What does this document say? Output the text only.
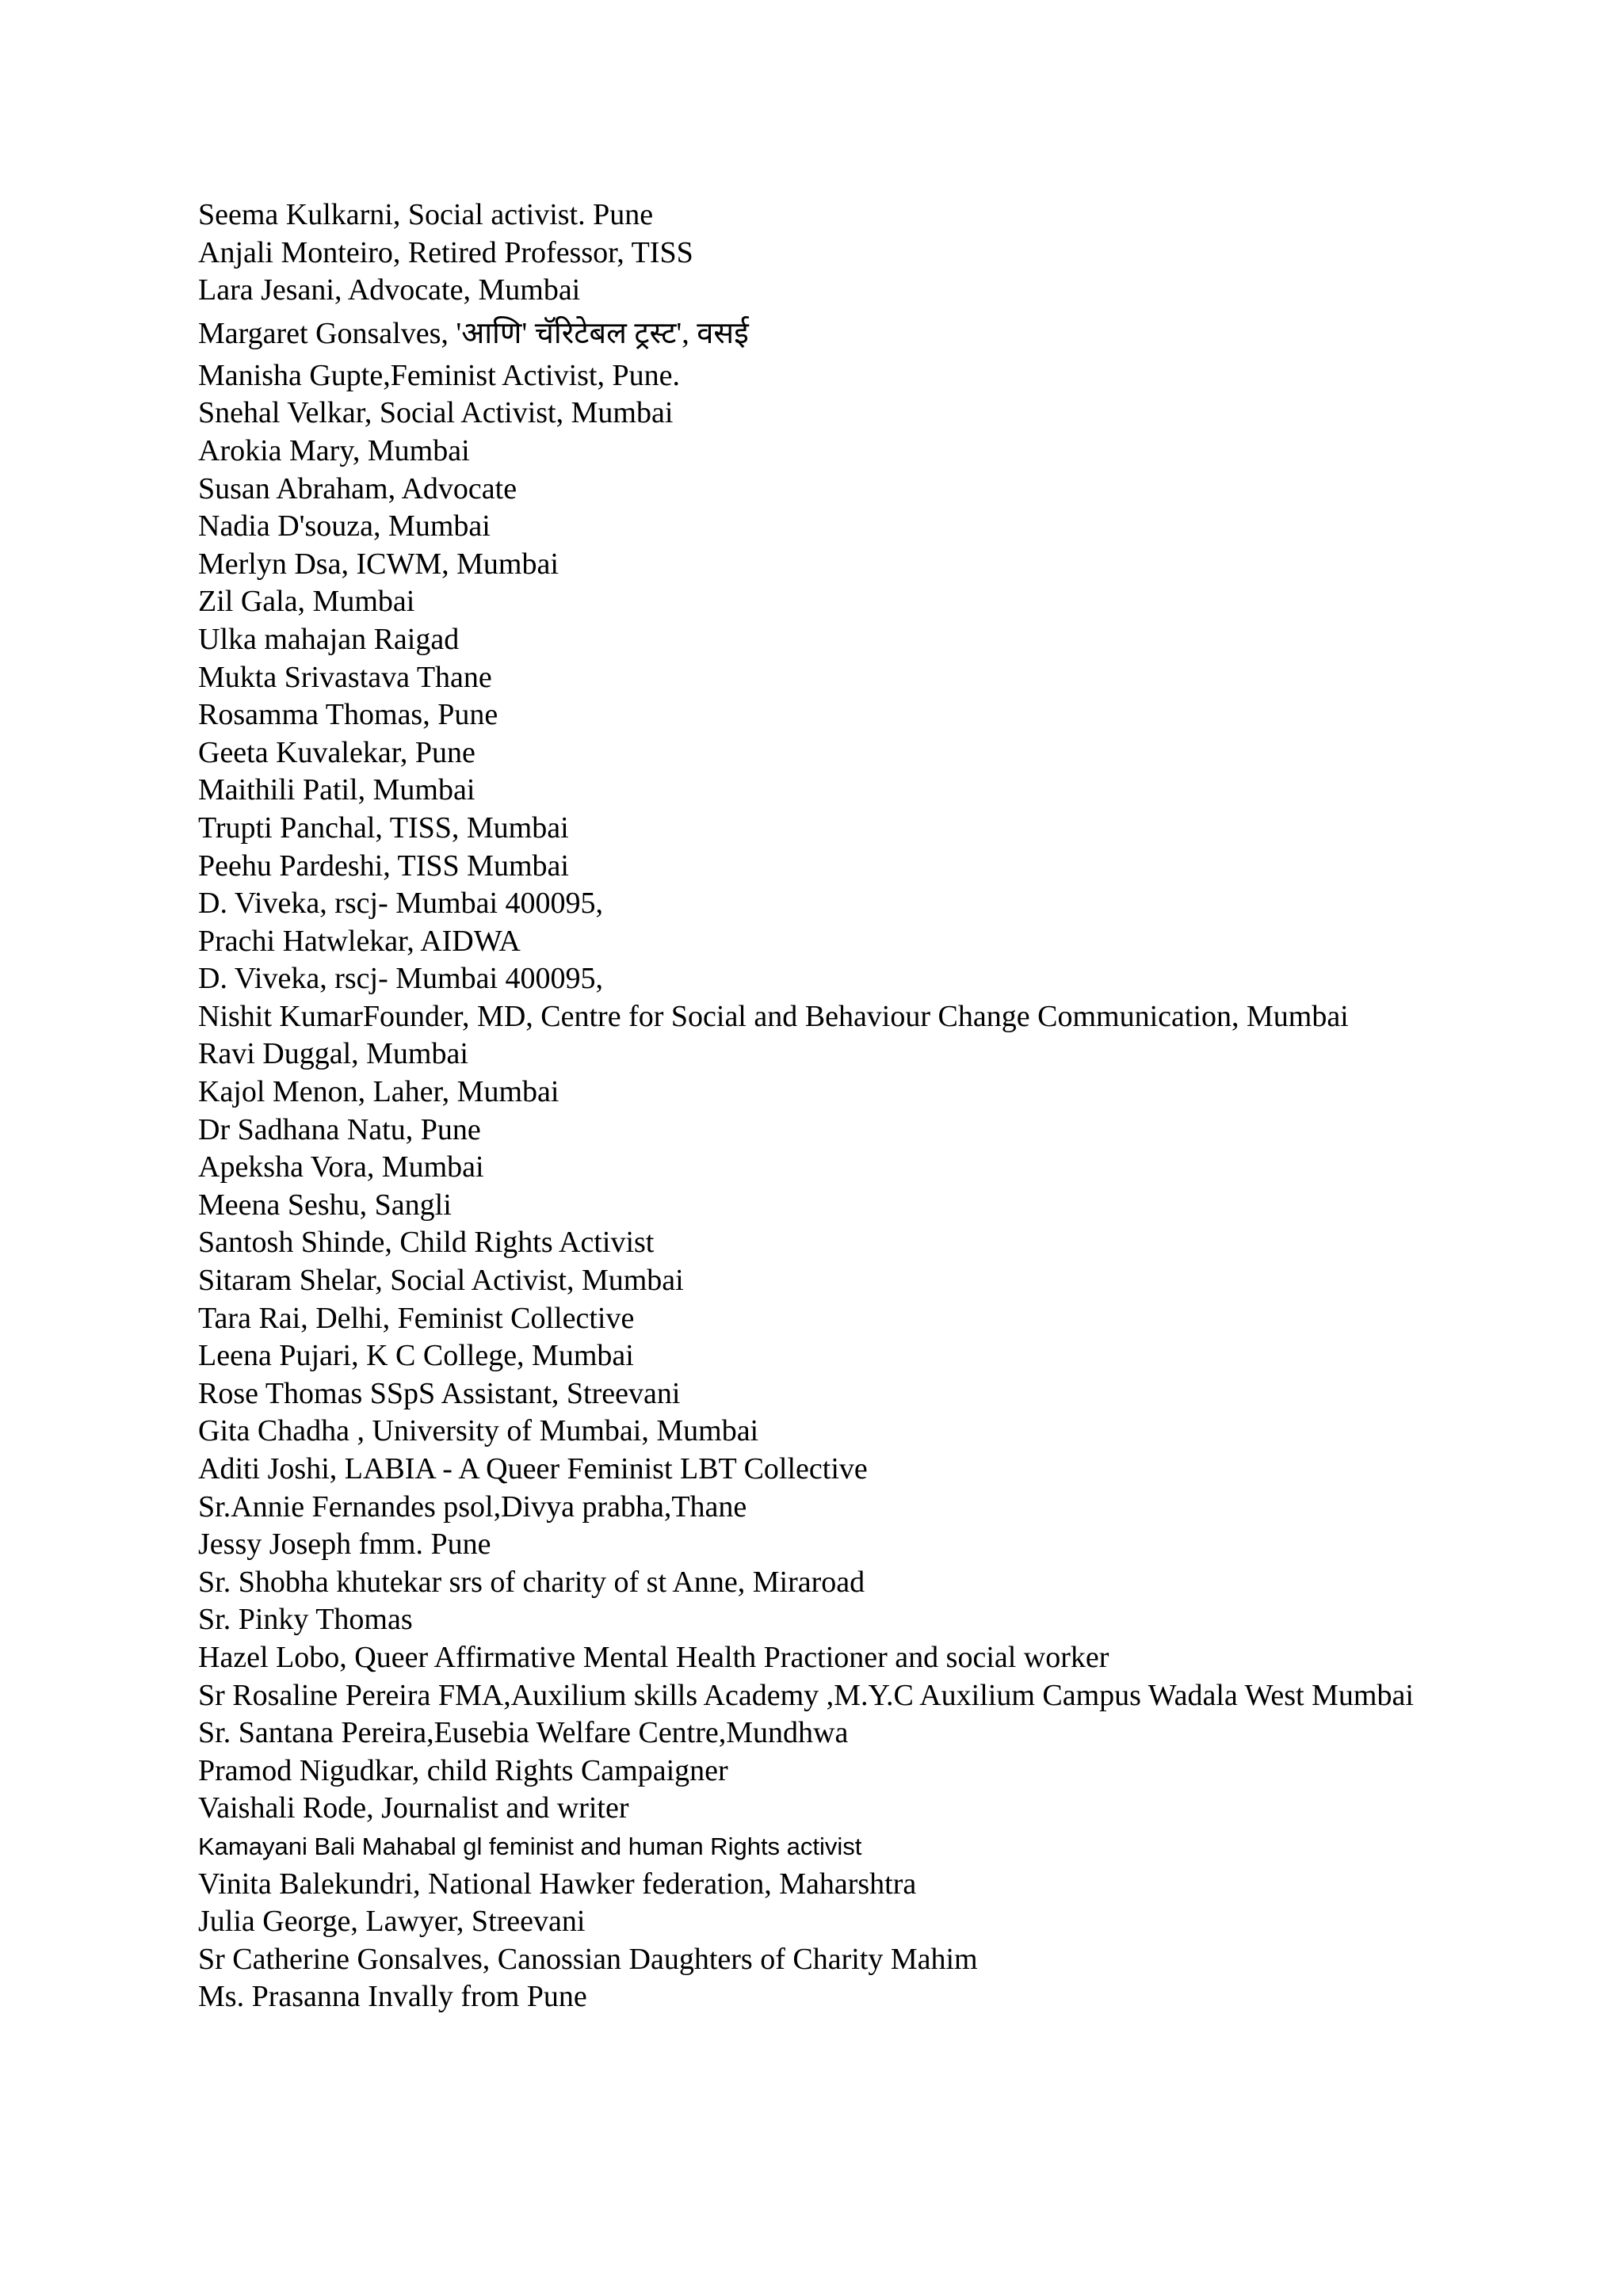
Seema Kulkarni, Social activist. Pune
Anjali Monteiro, Retired Professor, TISS
Lara Jesani, Advocate, Mumbai
Margaret Gonsalves, 'आणि' चॅरिटेबल ट्रस्ट', वसई
Manisha Gupte,Feminist Activist, Pune.
Snehal Velkar, Social Activist, Mumbai
Arokia Mary, Mumbai
Susan Abraham, Advocate
Nadia D'souza, Mumbai
Merlyn Dsa, ICWM, Mumbai
Zil Gala, Mumbai
Ulka mahajan Raigad
Mukta Srivastava Thane
Rosamma Thomas, Pune
Geeta Kuvalekar, Pune
Maithili Patil, Mumbai
Trupti Panchal, TISS, Mumbai
Peehu Pardeshi, TISS Mumbai
D. Viveka, rscj- Mumbai 400095,
Prachi Hatwlekar, AIDWA
D. Viveka, rscj- Mumbai 400095,
Nishit KumarFounder, MD, Centre for Social and Behaviour Change Communication, Mumbai
Ravi Duggal, Mumbai
Kajol Menon, Laher, Mumbai
Dr Sadhana Natu, Pune
Apeksha Vora, Mumbai
Meena Seshu, Sangli
Santosh Shinde, Child Rights Activist
Sitaram Shelar, Social Activist, Mumbai
Tara Rai, Delhi, Feminist Collective
Leena Pujari, K C College, Mumbai
Rose Thomas SSpS Assistant, Streevani
Gita Chadha , University of Mumbai, Mumbai
Aditi Joshi, LABIA - A Queer Feminist LBT Collective
Sr.Annie Fernandes psol,Divya prabha,Thane
Jessy Joseph fmm. Pune
Sr. Shobha khutekar srs of charity of st Anne, Miraroad
Sr. Pinky Thomas
Hazel Lobo, Queer Affirmative Mental Health Practioner and social worker
Sr Rosaline Pereira FMA,Auxilium skills Academy ,M.Y.C Auxilium Campus Wadala West Mumbai
Sr. Santana Pereira,Eusebia Welfare Centre,Mundhwa
Pramod Nigudkar, child Rights Campaigner
Vaishali Rode, Journalist and writer
Kamayani Bali Mahabal gl feminist and human Rights activist
Vinita Balekundri, National Hawker federation, Maharshtra
Julia George, Lawyer, Streevani
Sr Catherine Gonsalves, Canossian Daughters of Charity Mahim
Ms. Prasanna Invally from Pune
